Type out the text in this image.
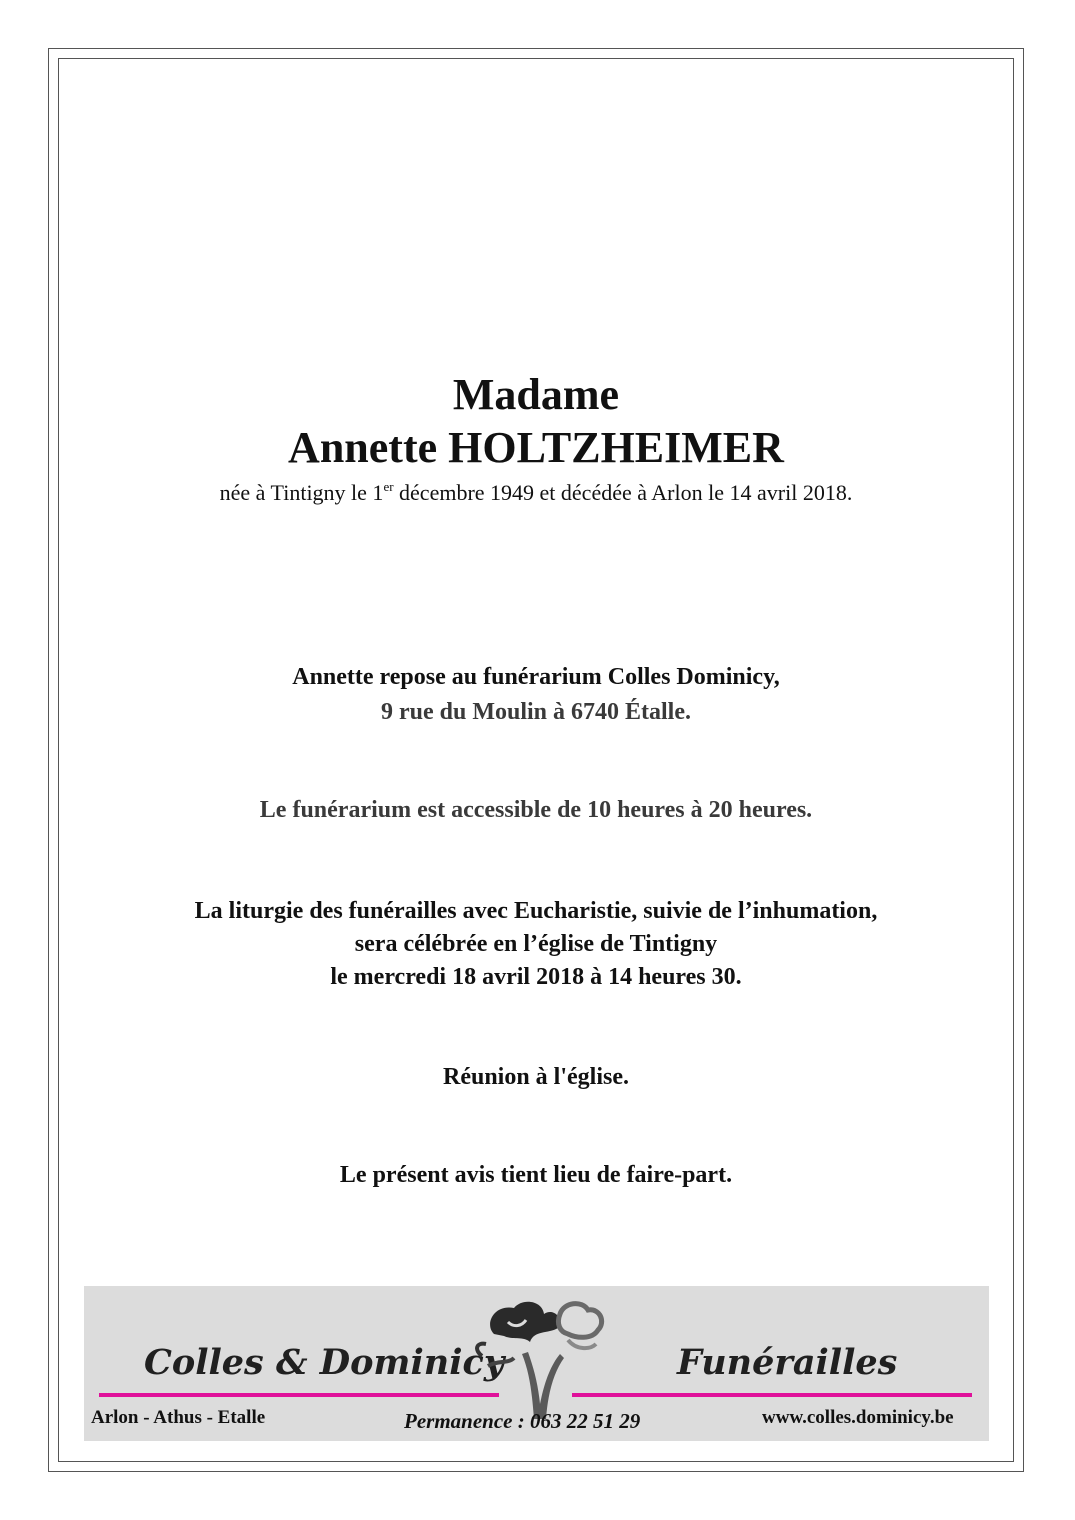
Madame
Annette HOLTZHEIMER
née à Tintigny le 1er décembre 1949 et décédée à Arlon le 14 avril 2018.
Annette repose au funérarium Colles Dominicy,
9 rue du Moulin à 6740 Étalle.
Le funérarium est accessible de 10 heures à 20 heures.
La liturgie des funérailles avec Eucharistie, suivie de l’inhumation,
sera célébrée en l’église de Tintigny
le mercredi 18 avril 2018 à 14 heures 30.
Réunion à l'église.
Le présent avis tient lieu de faire-part.
Colles & Dominicy	Funérailles
Arlon - Athus - Etalle	Permanence : 063 22 51 29	www.colles.dominicy.be
